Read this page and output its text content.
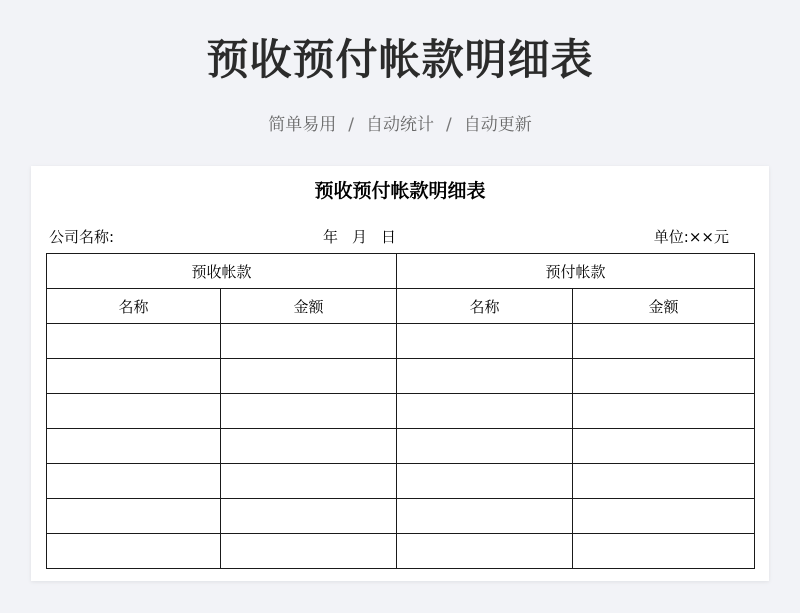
预收预付帐款明细表
简单易用 / 自动统计 / 自动更新
预收预付帐款明细表
公司名称:	年 月 日	单位:××元
预收帐款		预付帐款	
名称	金额	名称	金额
